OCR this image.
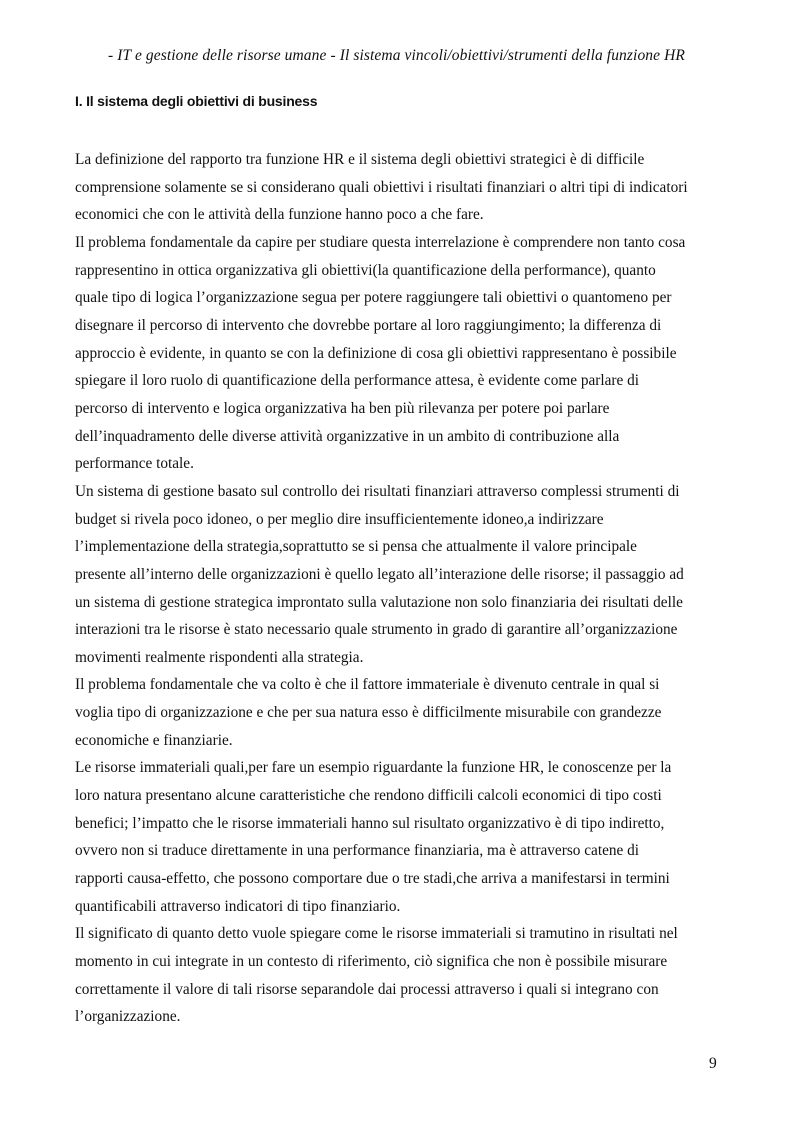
- IT e gestione delle risorse umane - Il sistema vincoli/obiettivi/strumenti della funzione HR
I. Il sistema degli obiettivi di business
La definizione del rapporto tra funzione HR e il sistema degli obiettivi strategici è di difficile
comprensione solamente se si considerano quali obiettivi i risultati finanziari o altri tipi di indicatori
economici che con le attività della funzione hanno poco a che fare.
Il problema fondamentale da capire per studiare questa interrelazione è comprendere non tanto cosa
rappresentino in ottica organizzativa gli obiettivi(la quantificazione della performance), quanto
quale tipo di logica l’organizzazione segua per potere raggiungere tali obiettivi o quantomeno per
disegnare il percorso di intervento che dovrebbe portare al loro raggiungimento; la differenza di
approccio è evidente, in quanto se con la definizione di cosa gli obiettivi rappresentano è possibile
spiegare il loro ruolo di quantificazione della performance attesa, è evidente come parlare di
percorso di intervento e logica organizzativa ha ben più rilevanza per potere poi parlare
dell’inquadramento delle diverse attività organizzative in un ambito di contribuzione alla
performance totale.
Un sistema di gestione basato sul controllo dei risultati finanziari attraverso complessi strumenti di
budget si rivela poco idoneo, o per meglio dire insufficientemente idoneo,a indirizzare
l’implementazione della strategia,soprattutto se si pensa che attualmente il valore principale
presente all’interno delle organizzazioni è quello legato all’interazione delle risorse; il passaggio ad
un sistema di gestione strategica improntato sulla valutazione non solo finanziaria dei risultati delle
interazioni tra le risorse è stato necessario quale strumento in grado di garantire all’organizzazione
movimenti realmente rispondenti alla strategia.
Il problema fondamentale che va colto è che il fattore immateriale è divenuto centrale in qual si
voglia tipo di organizzazione e che per sua natura esso è difficilmente misurabile con grandezze
economiche e finanziarie.
Le risorse immateriali quali,per fare un esempio riguardante la funzione HR, le conoscenze per la
loro natura presentano alcune caratteristiche che rendono difficili calcoli economici di tipo costi
benefici; l’impatto che le risorse immateriali hanno sul risultato organizzativo è di tipo indiretto,
ovvero non si traduce direttamente in una performance finanziaria, ma è attraverso catene di
rapporti causa-effetto, che possono comportare due o tre stadi,che arriva a manifestarsi in termini
quantificabili attraverso indicatori di tipo finanziario.
Il significato di quanto detto vuole spiegare come le risorse immateriali si tramutino in risultati nel
momento in cui integrate in un contesto di riferimento, ciò significa che non è possibile misurare
correttamente il valore di tali risorse separandole dai processi attraverso i quali si integrano con
l’organizzazione.
9
